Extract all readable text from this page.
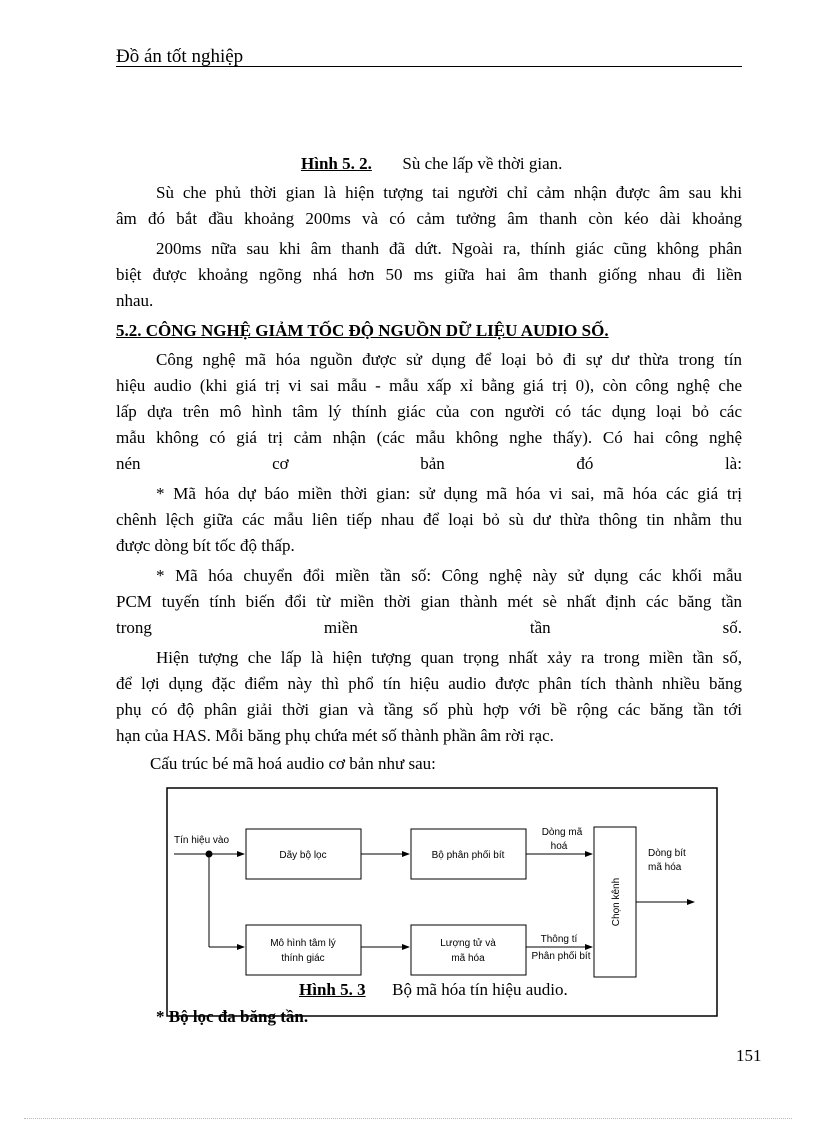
Đồ án tốt nghiệp
Hình 5. 2. Sù che lấp về thời gian.
Sù che phủ thời gian là hiện tượng tai người chỉ cảm nhận được âm sau khi
âm đó bắt đầu khoảng 200ms và có cảm tưởng âm thanh còn kéo dài khoảng
200ms nữa sau khi âm thanh đã dứt. Ngoài ra, thính giác cũng không phân
biệt được khoảng ngõng nhá hơn 50 ms giữa hai âm thanh giống nhau đi liền
nhau.
5.2. CÔNG NGHỆ GIẢM TỐC ĐỘ NGUỒN DỮ LIỆU AUDIO SỐ.
Công nghệ mã hóa nguồn được sử dụng để loại bỏ đi sự dư thừa trong tín
hiệu audio (khi giá trị vi sai mẫu - mẫu xấp xỉ bằng giá trị 0), còn công nghệ che
lấp dựa trên mô hình tâm lý thính giác của con người có tác dụng loại bỏ các
mẫu không có giá trị cảm nhận (các mẫu không nghe thấy). Có hai công nghệ
nén	cơ	bản	đó	là:
* Mã hóa dự báo miền thời gian: sử dụng mã hóa vi sai, mã hóa các giá trị
chênh lệch giữa các mẫu liên tiếp nhau để loại bỏ sù dư thừa thông tin nhằm thu
được dòng bít tốc độ thấp.
* Mã hóa chuyển đổi miền tần số: Công nghệ này sử dụng các khối mẫu
PCM tuyến tính biến đổi từ miền thời gian thành mét sè nhất định các băng tần
trong	miền	tần	số.
Hiện tượng che lấp là hiện tượng quan trọng nhất xảy ra trong miền tần số,
để lợi dụng đặc điểm này thì phổ tín hiệu audio được phân tích thành nhiều băng
phụ có độ phân giải thời gian và tầng số phù hợp với bề rộng các băng tần tới
hạn của HAS. Mỗi băng phụ chứa mét số thành phần âm rời rạc.
Cấu trúc bé mã hoá audio cơ bản như sau:
Tín hiệu vào
Dãy bộ lọc	Bộ phân phối bít
Mô hình tâm lý
thính giác
Lượng tử và
mã hóa
Dòng mã
hoá
Thông tí
Phân phối bít
Chọn kênh
Dòng bít
mã hóa
Hình 5. 3 Bộ mã hóa tín hiệu audio.
* Bộ lọc đa băng tần.
151
